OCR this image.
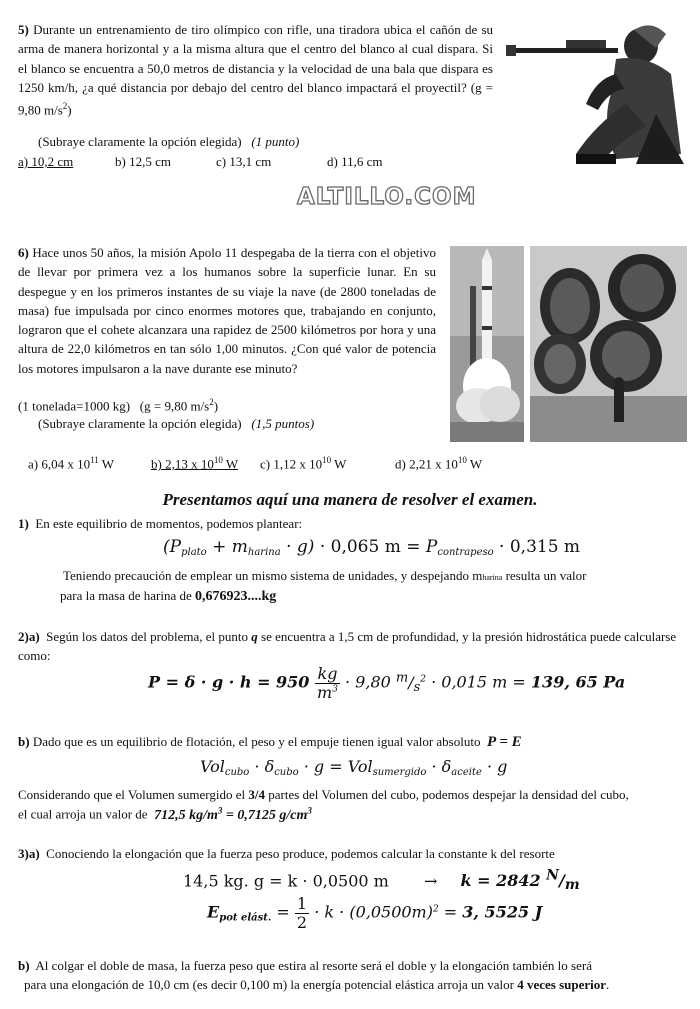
5) Durante un entrenamiento de tiro olímpico con rifle, una tiradora ubica el cañón de su arma de manera horizontal y a la misma altura que el centro del blanco al cual dispara. Si el blanco se encuentra a 50,0 metros de distancia y la velocidad de una bala que dispara es 1250 km/h, ¿a qué distancia por debajo del centro del blanco impactará el proyectil? (g = 9,80 $m/s^2$)
(Subraye claramente la opción elegida) (1 punto)
a) 10,2 cm	b) 12,5 cm	c) 13,1 cm	d) 11,6 cm
ALTILLO.COM
6) Hace unos 50 años, la misión Apolo 11 despegaba de la tierra con el objetivo de llevar por primera vez a los humanos sobre la superficie lunar. En su despegue y en los primeros instantes de su viaje la nave (de 2800 toneladas de masa) fue impulsada por cinco enormes motores que, trabajando en conjunto, lograron que el cohete alcanzara una rapidez de 2500 kilómetros por hora y una altura de 22,0 kilómetros en tan sólo 1,00 minutos. ¿Con qué valor de potencia los motores impulsaron a la nave durante ese minuto?
(1 tonelada=1000 kg) (g = 9,80 $m/s^2$)
(Subraye claramente la opción elegida) (1,5 puntos)
a) 6,04 x $10^{11}$ W	b) 2,13 x $10^{10}$ W c) 1,12 x $10^{10}$ W	d) 2,21 x $10^{10}$ W
Presentamos aquí una manera de resolver el examen.
1) En este equilibrio de momentos, podemos plantear:
$(P_{plato} + m_{harina} \cdot g) \cdot 0,065$ $m = P_{contrapeso} \cdot 0,315$ m
Teniendo precaución de emplear un mismo sistema de unidades, y despejando mharina resulta un valor
para la masa de harina de 0,676923....kg
2)a) Según los datos del problema, el punto q se encuentra a 1,5 cm de profundidad, y la presión hidrostática puede calcularse como:
$P = \delta \cdot g \cdot h = 950 \frac{kg}{m^3} \cdot 9,80$ $^m/_s^2 \cdot 0,015$ m = 139, 65 Pa
b) Dado que es un equilibrio de flotación, el peso y el empuje tienen igual valor absoluto P = E
$Vol_{cubo} \cdot \delta_{cubo} \cdot g = Vol_{sumergido} \cdot \delta_{aceite} \cdot g$
Considerando que el Volumen sumergido el 3/4 partes del Volumen del cubo, podemos despejar la densidad del cubo,
el cual arroja un valor de  712,5 $kg/m^3 = 0,7125$ $g/cm^3$
3)a) Conociendo la elongación que la fuerza peso produce, podemos calcular la constante k del resorte
14,5 kg. g = k · 0,0500 m → k = 2842 $^N$/m
$E_{pot elást.} = \frac{1}{2} \cdot k \cdot (0,0500m)^2 = 3$, 5525 J
b) Al colgar el doble de masa, la fuerza peso que estira al resorte será el doble y la elongación también lo será
para una elongación de 10,0 cm (es decir 0,100 m) la energía potencial elástica arroja un valor 4 veces superior.
